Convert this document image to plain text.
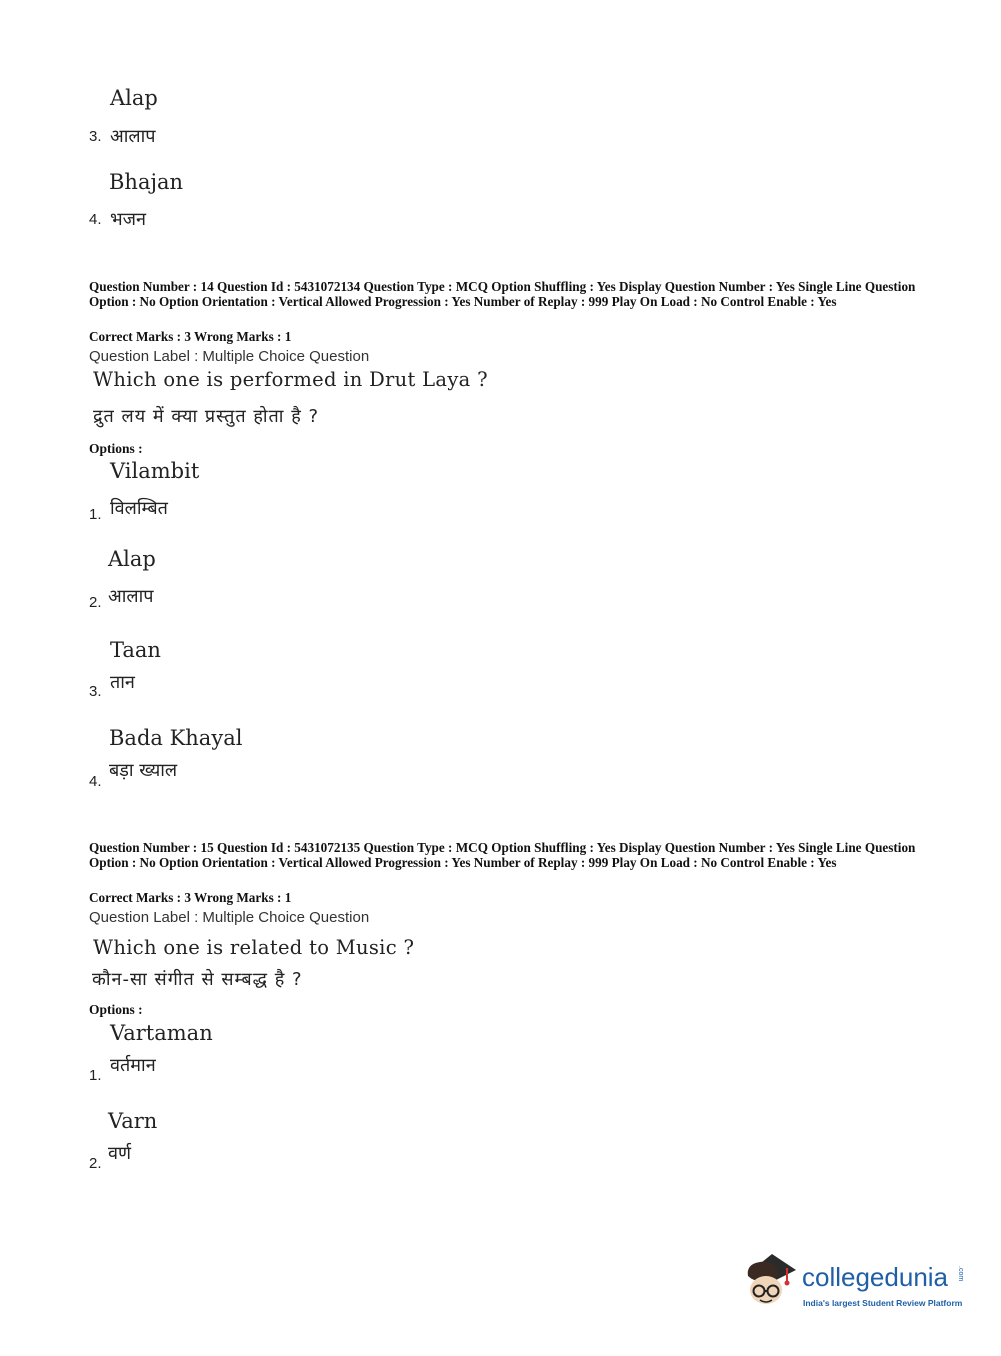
Alap
3. आलाप
Bhajan
4. भजन
Question Number : 14 Question Id : 5431072134 Question Type : MCQ Option Shuffling : Yes Display Question Number : Yes Single Line Question Option : No Option Orientation : Vertical Allowed Progression : Yes Number of Replay : 999 Play On Load : No Control Enable : Yes
Correct Marks : 3 Wrong Marks : 1
Question Label : Multiple Choice Question
Which one is performed in Drut Laya ?
द्रुत लय में क्या प्रस्तुत होता है ?
Options :
Vilambit
1. विलम्बित
Alap
2. आलाप
Taan
3. तान
Bada Khayal
4.
बड़ा ख्याल
Question Number : 15 Question Id : 5431072135 Question Type : MCQ Option Shuffling : Yes Display Question Number : Yes Single Line Question Option : No Option Orientation : Vertical Allowed Progression : Yes Number of Replay : 999 Play On Load : No Control Enable : Yes
Correct Marks : 3 Wrong Marks : 1
Question Label : Multiple Choice Question
Which one is related to Music ?
कौन-सा संगीत से सम्बद्ध है ?
Options :
Vartaman
1. वर्तमान
Varn
2. वर्ण
collegedunia .com
India's largest Student Review Platform
